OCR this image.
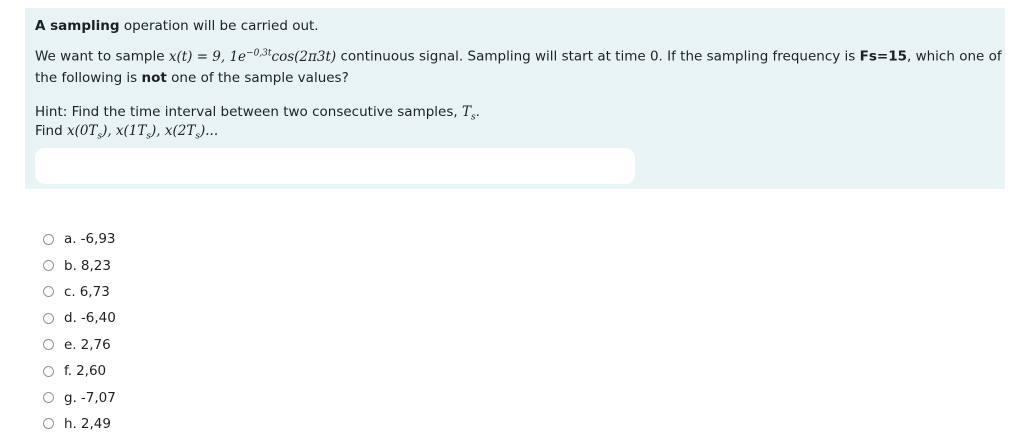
A sampling operation will be carried out.
We want to sample x(t) = 9, $1e^{-0,3t}\cos(2\pi 3t)$ continuous signal. Sampling will start at time 0. If the sampling frequency is Fs=15, which one of
the following is not one of the sample values?
Hint: Find the time interval between two consecutive samples, $T_s$.
Find $x(0T_s)$, $x(1T_s)$, $x(2T_s)$...
a. -6,93
b. 8,23
c. 6,73
d. -6,40
e. 2,76
f. 2,60
g. -7,07
h. 2,49
